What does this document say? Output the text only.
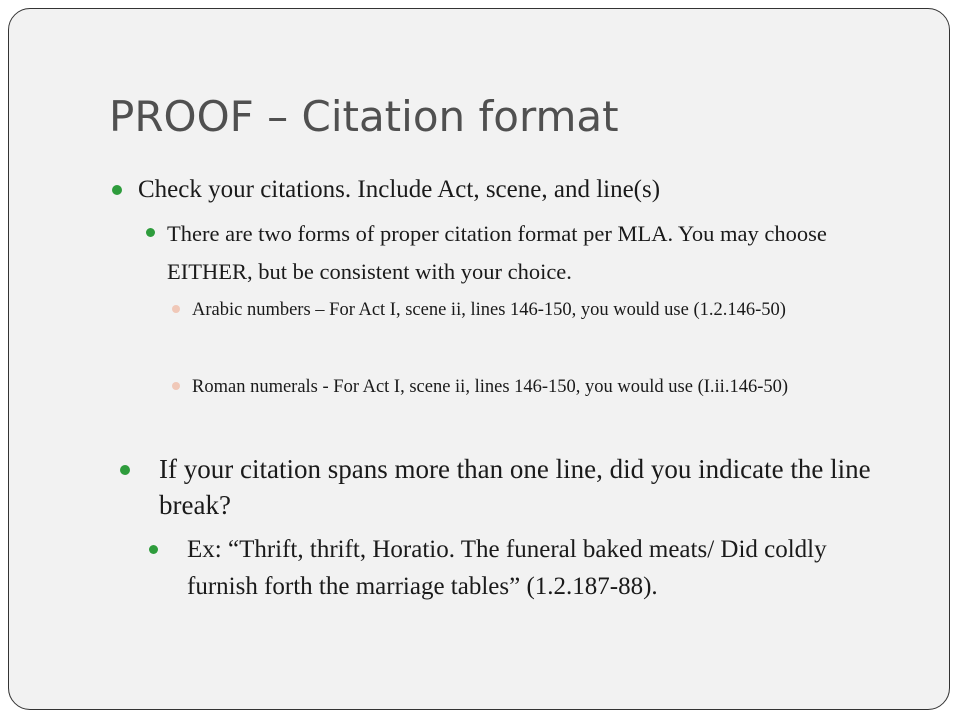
PROOF – Citation format
Check your citations. Include Act, scene, and line(s)
There are two forms of proper citation format per MLA. You may choose EITHER, but be consistent with your choice.
Arabic numbers – For Act I, scene ii, lines 146-150, you would use (1.2.146-50)
Roman numerals - For Act I, scene ii, lines 146-150, you would use (I.ii.146-50)
If your citation spans more than one line, did you indicate the line break?
Ex: “Thrift, thrift, Horatio. The funeral baked meats/ Did coldly furnish forth the marriage tables” (1.2.187-88).
